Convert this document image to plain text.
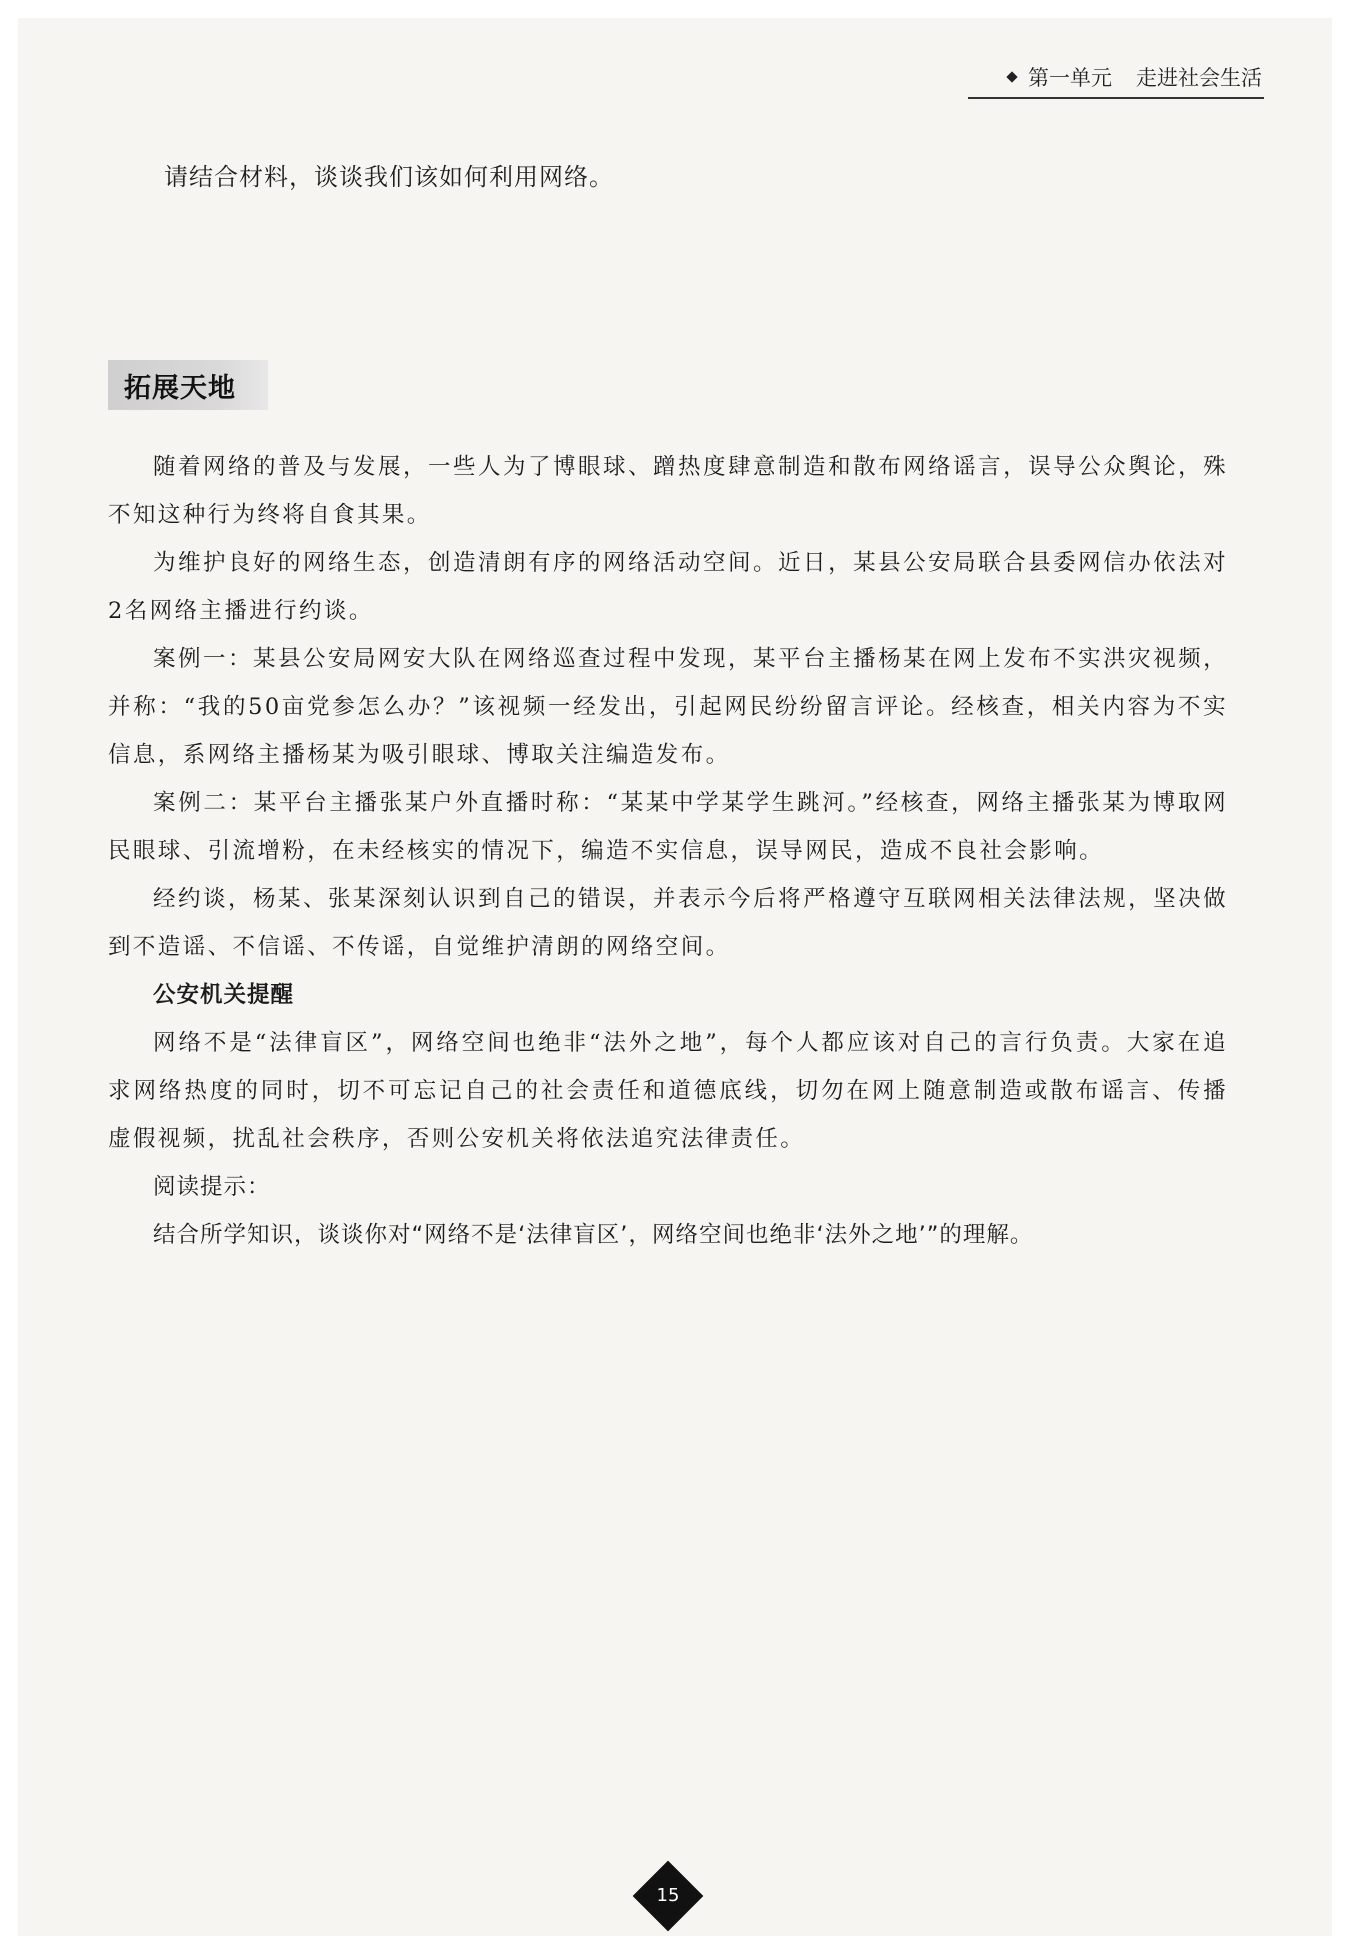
第一单元 走进社会生活
请结合材料，谈谈我们该如何利用网络。
拓展天地

随着网络的普及与发展，一些人为了博眼球、蹭热度肆意制造和散布网络谣言，误导公众舆论，殊不知这种行为终将自食其果。

为维护良好的网络生态，创造清朗有序的网络活动空间。近日，某县公安局联合县委网信办依法对2名网络主播进行约谈。

案例一：某县公安局网安大队在网络巡查过程中发现，某平台主播杨某在网上发布不实洪灾视频，并称：“我的50亩党参怎么办？”该视频一经发出，引起网民纷纷留言评论。经核查，相关内容为不实信息，系网络主播杨某为吸引眼球、博取关注编造发布。

案例二：某平台主播张某户外直播时称：“某某中学某学生跳河。”经核查，网络主播张某为博取网民眼球、引流增粉，在未经核实的情况下，编造不实信息，误导网民，造成不良社会影响。

经约谈，杨某、张某深刻认识到自己的错误，并表示今后将严格遵守互联网相关法律法规，坚决做到不造谣、不信谣、不传谣，自觉维护清朗的网络空间。

公安机关提醒

网络不是“法律盲区”，网络空间也绝非“法外之地”，每个人都应该对自己的言行负责。大家在追求网络热度的同时，切不可忘记自己的社会责任和道德底线，切勿在网上随意制造或散布谣言、传播虚假视频，扰乱社会秩序，否则公安机关将依法追究法律责任。

阅读提示：

结合所学知识，谈谈你对“网络不是‘法律盲区’，网络空间也绝非‘法外之地’”的理解。

15
